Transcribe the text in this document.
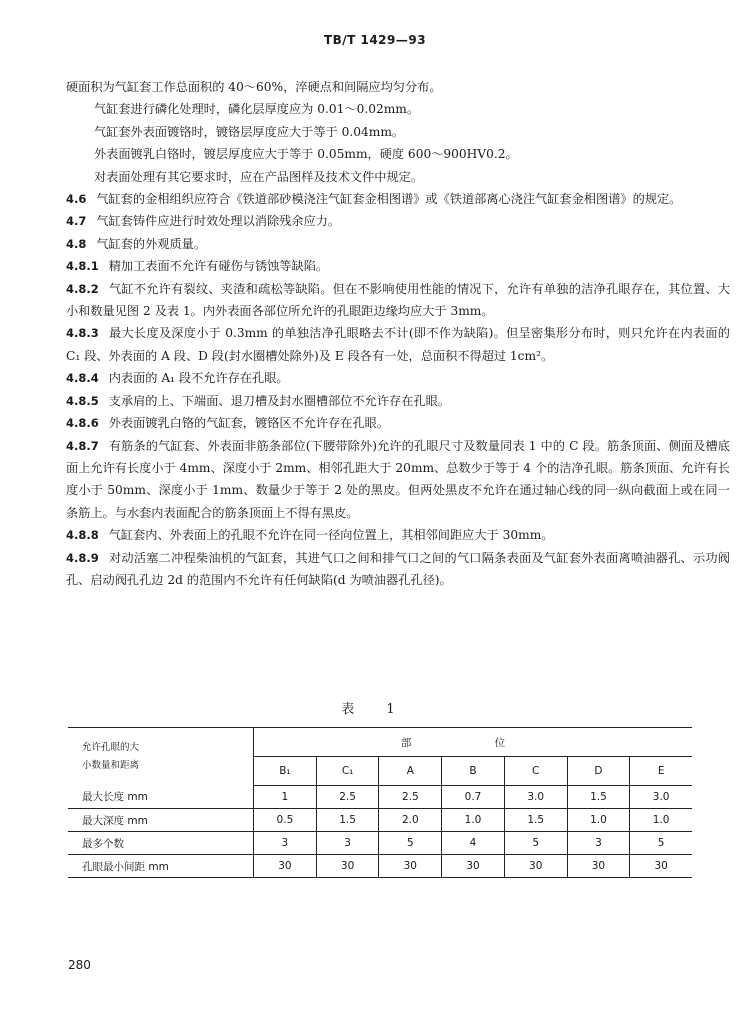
TB/T 1429—93

硬面积为气缸套工作总面积的 40～60%，淬硬点和间隔应均匀分布。

气缸套进行磷化处理时，磷化层厚度应为 0.01～0.02mm。

气缸套外表面镀铬时，镀铬层厚度应大于等于 0.04mm。

外表面镀乳白铬时，镀层厚度应大于等于 0.05mm，硬度 600～900HV0.2。

对表面处理有其它要求时，应在产品图样及技术文件中规定。

4.6 气缸套的金相组织应符合《铁道部砂模浇注气缸套金相图谱》或《铁道部离心浇注气缸套金相图谱》的规定。

4.7 气缸套铸件应进行时效处理以消除残余应力。

4.8 气缸套的外观质量。

4.8.1 精加工表面不允许有碰伤与锈蚀等缺陷。

4.8.2 气缸不允许有裂纹、夹渣和疏松等缺陷。但在不影响使用性能的情况下，允许有单独的洁净孔眼存在，其位置、大小和数量见图 2 及表 1。内外表面各部位所允许的孔眼距边缘均应大于 3mm。

4.8.3 最大长度及深度小于 0.3mm 的单独洁净孔眼略去不计(即不作为缺陷)。但呈密集形分布时，则只允许在内表面的 C₁ 段、外表面的 A 段、D 段(封水圈槽处除外)及 E 段各有一处，总面积不得超过 1cm²。

4.8.4 内表面的 A₁ 段不允许存在孔眼。

4.8.5 支承肩的上、下端面、退刀槽及封水圈槽部位不允许存在孔眼。

4.8.6 外表面镀乳白铬的气缸套，镀铬区不允许存在孔眼。

4.8.7 有筋条的气缸套、外表面非筋条部位(下腰带除外)允许的孔眼尺寸及数量同表 1 中的 C 段。筋条顶面、侧面及槽底面上允许有长度小于 4mm、深度小于 2mm、相邻孔距大于 20mm、总数少于等于 4 个的洁净孔眼。筋条顶面、允许有长度小于 50mm、深度小于 1mm、数量少于等于 2 处的黑皮。但两处黑皮不允许在通过轴心线的同一纵向截面上或在同一条筋上。与水套内表面配合的筋条顶面上不得有黑皮。

4.8.8 气缸套内、外表面上的孔眼不允许在同一径向位置上，其相邻间距应大于 30mm。

4.8.9 对动活塞二冲程柴油机的气缸套，其进气口之间和排气口之间的气口隔条表面及气缸套外表面离喷油器孔、示功阀孔、启动阀孔孔边 2d 的范围内不允许有任何缺陷(d 为喷油器孔孔径)。

表 1
允许孔眼的大
小数量和距离	部 位						
	B₁	C₁	A	B	C	D	E
最大长度 mm	1	2.5	2.5	0.7	3.0	1.5	3.0
最大深度 mm	0.5	1.5	2.0	1.0	1.5	1.0	1.0
最多个数	3	3	5	4	5	3	5
孔眼最小间距 mm	30	30	30	30	30	30	30
280
